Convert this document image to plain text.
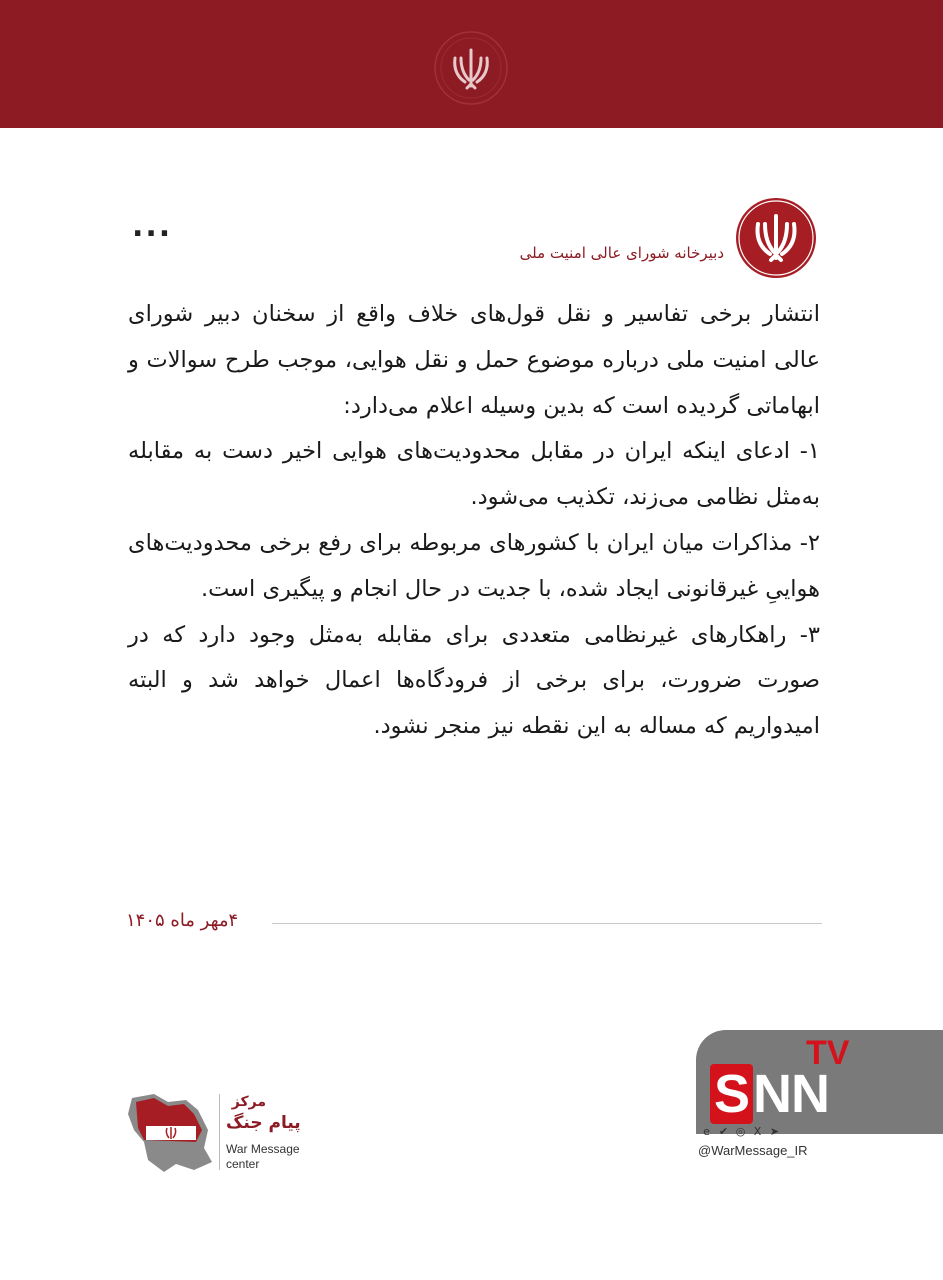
...
دبیرخانه شورای عالی امنیت ملی

انتشار برخی تفاسیر و نقل قول‌های خلاف واقع از سخنان دبیر شورای عالی امنیت ملی درباره موضوع حمل و نقل هوایی، موجب طرح سوالات و ابهاماتی گردیده است که بدین وسیله اعلام می‌دارد:

۱- ادعای اینکه ایران در مقابل محدودیت‌های هوایی اخیر دست به مقابله به‌مثل نظامی می‌زند، تکذیب می‌شود.

۲- مذاکرات میان ایران با کشورهای مربوطه برای رفع برخی محدودیت‌های هواییِ غیرقانونی ایجاد شده، با جدیت در حال انجام و پیگیری است.

۳- راهکارهای غیرنظامی متعددی برای مقابله به‌مثل وجود دارد که در صورت ضرورت، برای برخی از فرودگاه‌ها اعمال خواهد شد و البته امیدواریم که مساله به این نقطه نیز منجر نشود.

۴مهر ماه ۱۴۰۵
TV
SNN
e ✔ ◎ X ➤
@WarMessage_IR
مرکز
پیام جنگ
War Message
center
